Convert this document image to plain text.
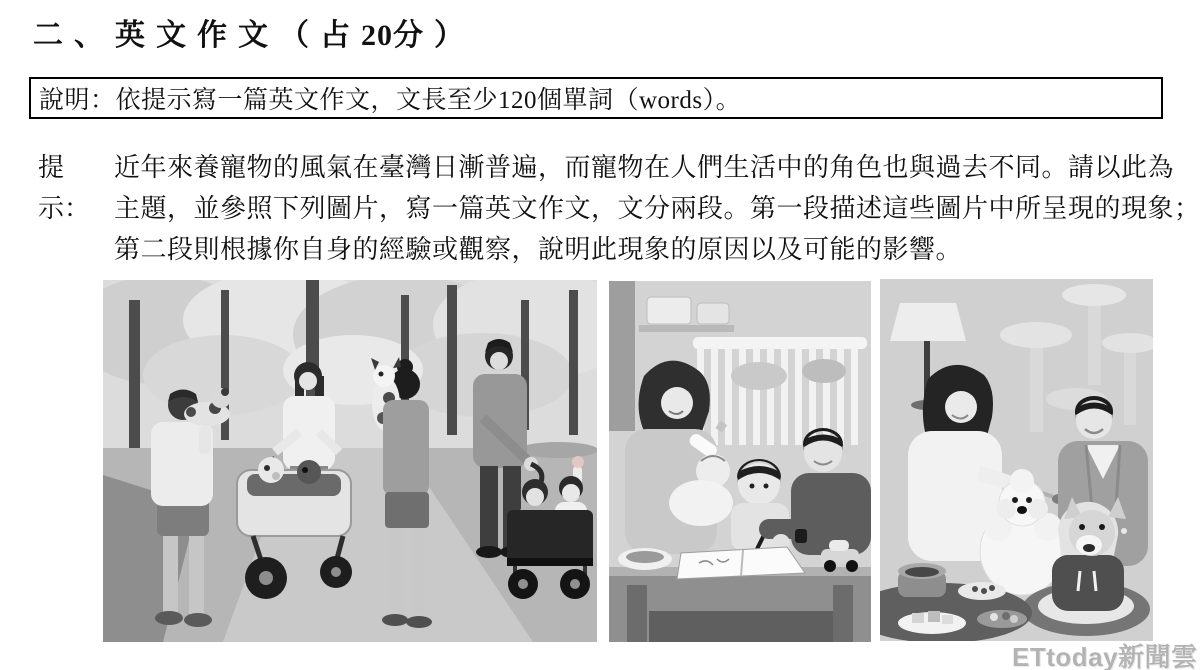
二、英文作文（占20分）
說明：依提示寫一篇英文作文，文長至少120個單詞（words）。
提示：
近年來養寵物的風氣在臺灣日漸普遍，而寵物在人們生活中的角色也與過去不同。請以此為
主題，並參照下列圖片，寫一篇英文作文，文分兩段。第一段描述這些圖片中所呈現的現象；
第二段則根據你自身的經驗或觀察，說明此現象的原因以及可能的影響。
ETtoday新聞雲
